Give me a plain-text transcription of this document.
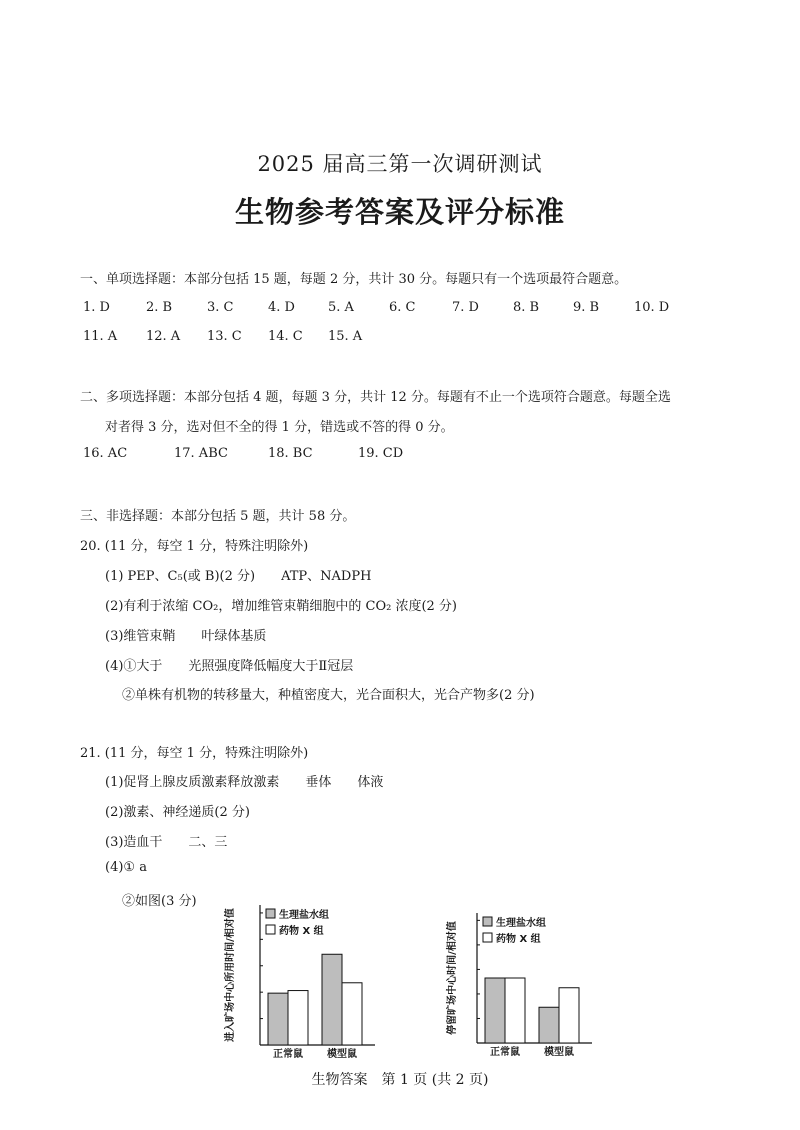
2025 届高三第一次调研测试
生物参考答案及评分标准
一、单项选择题：本部分包括 15 题，每题 2 分，共计 30 分。每题只有一个选项最符合题意。
1. D	2. B	3. C	4. D	5. A	6. C	7. D	8. B	9. B	10. D
11. A 12. A 13. C 14. C 15. A
二、多项选择题：本部分包括 4 题，每题 3 分，共计 12 分。每题有不止一个选项符合题意。每题全选
对者得 3 分，选对但不全的得 1 分，错选或不答的得 0 分。
16. AC	17. ABC	18. BC	19. CD
三、非选择题：本部分包括 5 题，共计 58 分。
20. (11 分，每空 1 分，特殊注明除外)
(1) PEP、C₅(或 B)(2 分)　　ATP、NADPH
(2)有利于浓缩 CO₂，增加维管束鞘细胞中的 CO₂ 浓度(2 分)
(3)维管束鞘　　叶绿体基质
(4)①大于　　光照强度降低幅度大于Ⅱ冠层
②单株有机物的转移量大，种植密度大，光合面积大，光合产物多(2 分)
21. (11 分，每空 1 分，特殊注明除外)
(1)促肾上腺皮质激素释放激素　　垂体　　体液
(2)激素、神经递质(2 分)
(3)造血干　　二、三
(4)① a
②如图(3 分)
进入旷场中心所用时间/相对值
正常鼠 模型鼠
生理盐水组
药物 X 组	停留旷场中心时间/相对值
正常鼠 模型鼠
生理盐水组
药物 X 组
生物答案　第 1 页 (共 2 页)
